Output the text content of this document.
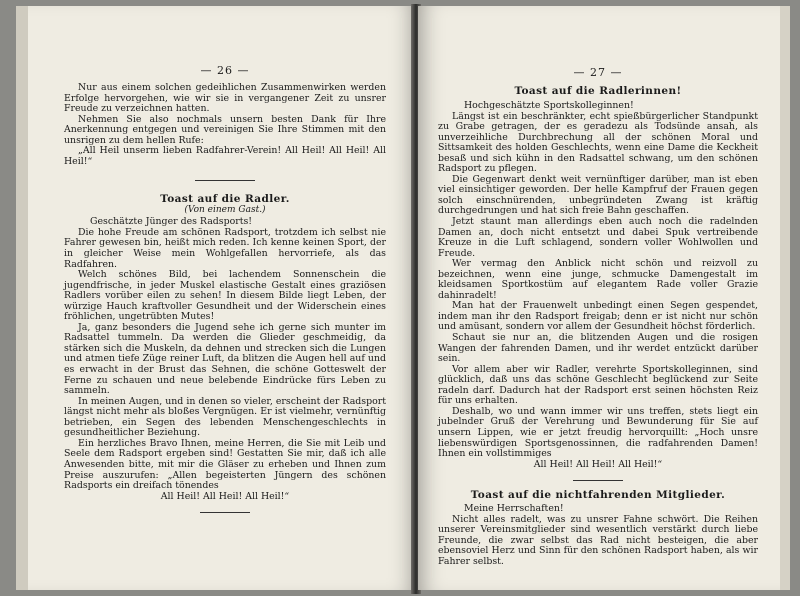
— 26 —

Nur aus einem solchen gedeihlichen Zusammenwirken werden Erfolge hervorgehen, wie wir sie in vergangener Zeit zu unsrer Freude zu verzeichnen hatten.

Nehmen Sie also nochmals unsern besten Dank für Ihre Anerkennung entgegen und vereinigen Sie Ihre Stimmen mit den unsrigen zu dem hellen Rufe:

„All Heil unserm lieben Radfahrer-Verein! All Heil! All Heil! All Heil!“

Toast auf die Radler.
(Von einem Gast.)

Geschätzte Jünger des Radsports!

Die hohe Freude am schönen Radsport, trotzdem ich selbst nie Fahrer gewesen bin, heißt mich reden. Ich kenne keinen Sport, der in gleicher Weise mein Wohlgefallen hervorriefe, als das Radfahren.

Welch schönes Bild, bei lachendem Sonnenschein die jugendfrische, in jeder Muskel elastische Gestalt eines graziösen Radlers vorüber eilen zu sehen! In diesem Bilde liegt Leben, der würzige Hauch kraftvoller Gesundheit und der Widerschein eines fröhlichen, ungetrübten Mutes!

Ja, ganz besonders die Jugend sehe ich gerne sich munter im Radsattel tummeln. Da werden die Glieder geschmeidig, da stärken sich die Muskeln, da dehnen und strecken sich die Lungen und atmen tiefe Züge reiner Luft, da blitzen die Augen hell auf und es erwacht in der Brust das Sehnen, die schöne Gotteswelt der Ferne zu schauen und neue belebende Eindrücke fürs Leben zu sammeln.

In meinen Augen, und in denen so vieler, erscheint der Radsport längst nicht mehr als bloßes Vergnügen. Er ist vielmehr, vernünftig betrieben, ein Segen des lebenden Menschengeschlechts in gesundheitlicher Beziehung.

Ein herzliches Bravo Ihnen, meine Herren, die Sie mit Leib und Seele dem Radsport ergeben sind! Gestatten Sie mir, daß ich alle Anwesenden bitte, mit mir die Gläser zu erheben und Ihnen zum Preise auszurufen: „Allen begeisterten Jüngern des schönen Radsports ein dreifach tönendes

All Heil! All Heil! All Heil!“

— 27 —
Toast auf die Radlerinnen!

Hochgeschätzte Sportskolleginnen!

Längst ist ein beschränkter, echt spießbürgerlicher Standpunkt zu Grabe getragen, der es geradezu als Todsünde ansah, als unverzeihliche Durchbrechung all der schönen Moral und Sittsamkeit des holden Geschlechts, wenn eine Dame die Keckheit besaß und sich kühn in den Radsattel schwang, um den schönen Radsport zu pflegen.

Die Gegenwart denkt weit vernünftiger darüber, man ist eben viel einsichtiger geworden. Der helle Kampfruf der Frauen gegen solch einschnürenden, unbegründeten Zwang ist kräftig durchgedrungen und hat sich freie Bahn geschaffen.

Jetzt staunt man allerdings eben auch noch die radelnden Damen an, doch nicht entsetzt und dabei Spuk vertreibende Kreuze in die Luft schlagend, sondern voller Wohlwollen und Freude.

Wer vermag den Anblick nicht schön und reizvoll zu bezeichnen, wenn eine junge, schmucke Damengestalt im kleidsamen Sportkostüm auf elegantem Rade voller Grazie dahinradelt!

Man hat der Frauenwelt unbedingt einen Segen gespendet, indem man ihr den Radsport freigab; denn er ist nicht nur schön und amüsant, sondern vor allem der Gesundheit höchst förderlich.

Schaut sie nur an, die blitzenden Augen und die rosigen Wangen der fahrenden Damen, und ihr werdet entzückt darüber sein.

Vor allem aber wir Radler, verehrte Sportskolleginnen, sind glücklich, daß uns das schöne Geschlecht beglückend zur Seite radeln darf. Dadurch hat der Radsport erst seinen höchsten Reiz für uns erhalten.

Deshalb, wo und wann immer wir uns treffen, stets liegt ein jubelnder Gruß der Verehrung und Bewunderung für Sie auf unsern Lippen, wie er jetzt freudig hervorquillt: „Hoch unsre liebenswürdigen Sportsgenossinnen, die radfahrenden Damen! Ihnen ein vollstimmiges

All Heil! All Heil! All Heil!“

Toast auf die nichtfahrenden Mitglieder.

Meine Herrschaften!

Nicht alles radelt, was zu unsrer Fahne schwört. Die Reihen unserer Vereinsmitglieder sind wesentlich verstärkt durch liebe Freunde, die zwar selbst das Rad nicht besteigen, die aber ebensoviel Herz und Sinn für den schönen Radsport haben, als wir Fahrer selbst.
